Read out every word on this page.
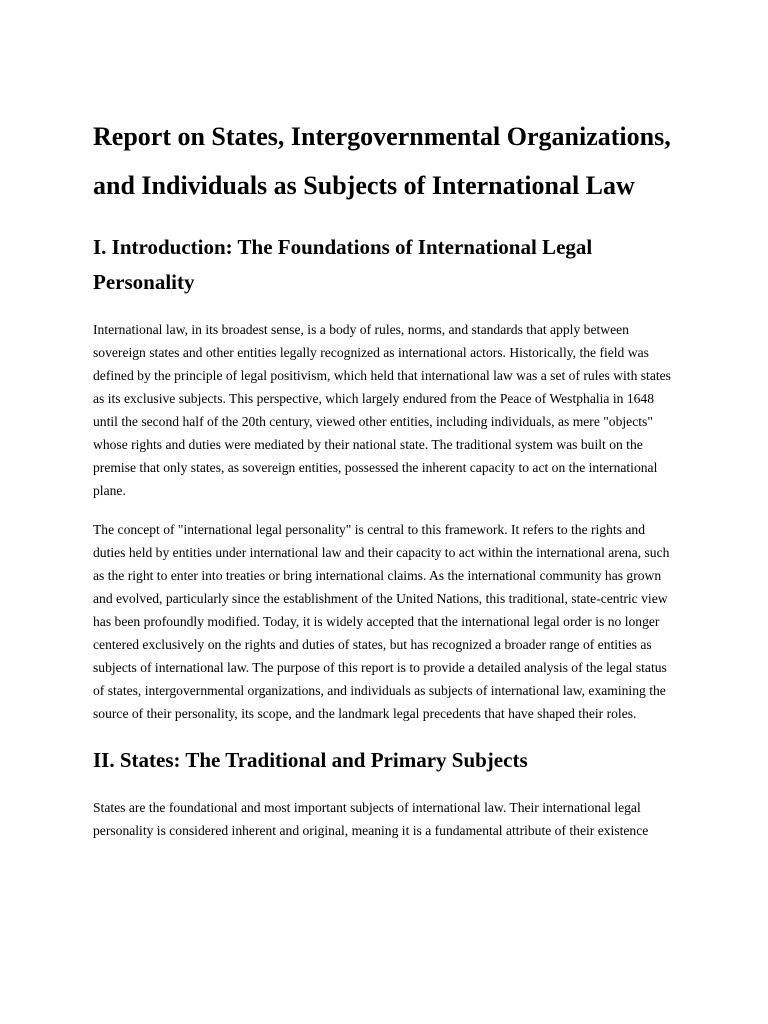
Report on States, Intergovernmental Organizations, and Individuals as Subjects of International Law
I. Introduction: The Foundations of International Legal Personality

International law, in its broadest sense, is a body of rules, norms, and standards that apply between sovereign states and other entities legally recognized as international actors. Historically, the field was defined by the principle of legal positivism, which held that international law was a set of rules with states as its exclusive subjects. This perspective, which largely endured from the Peace of Westphalia in 1648 until the second half of the 20th century, viewed other entities, including individuals, as mere "objects" whose rights and duties were mediated by their national state. The traditional system was built on the premise that only states, as sovereign entities, possessed the inherent capacity to act on the international plane.

The concept of "international legal personality" is central to this framework. It refers to the rights and duties held by entities under international law and their capacity to act within the international arena, such as the right to enter into treaties or bring international claims. As the international community has grown and evolved, particularly since the establishment of the United Nations, this traditional, state-centric view has been profoundly modified. Today, it is widely accepted that the international legal order is no longer centered exclusively on the rights and duties of states, but has recognized a broader range of entities as subjects of international law. The purpose of this report is to provide a detailed analysis of the legal status of states, intergovernmental organizations, and individuals as subjects of international law, examining the source of their personality, its scope, and the landmark legal precedents that have shaped their roles.

II. States: The Traditional and Primary Subjects

States are the foundational and most important subjects of international law. Their international legal personality is considered inherent and original, meaning it is a fundamental attribute of their existence
